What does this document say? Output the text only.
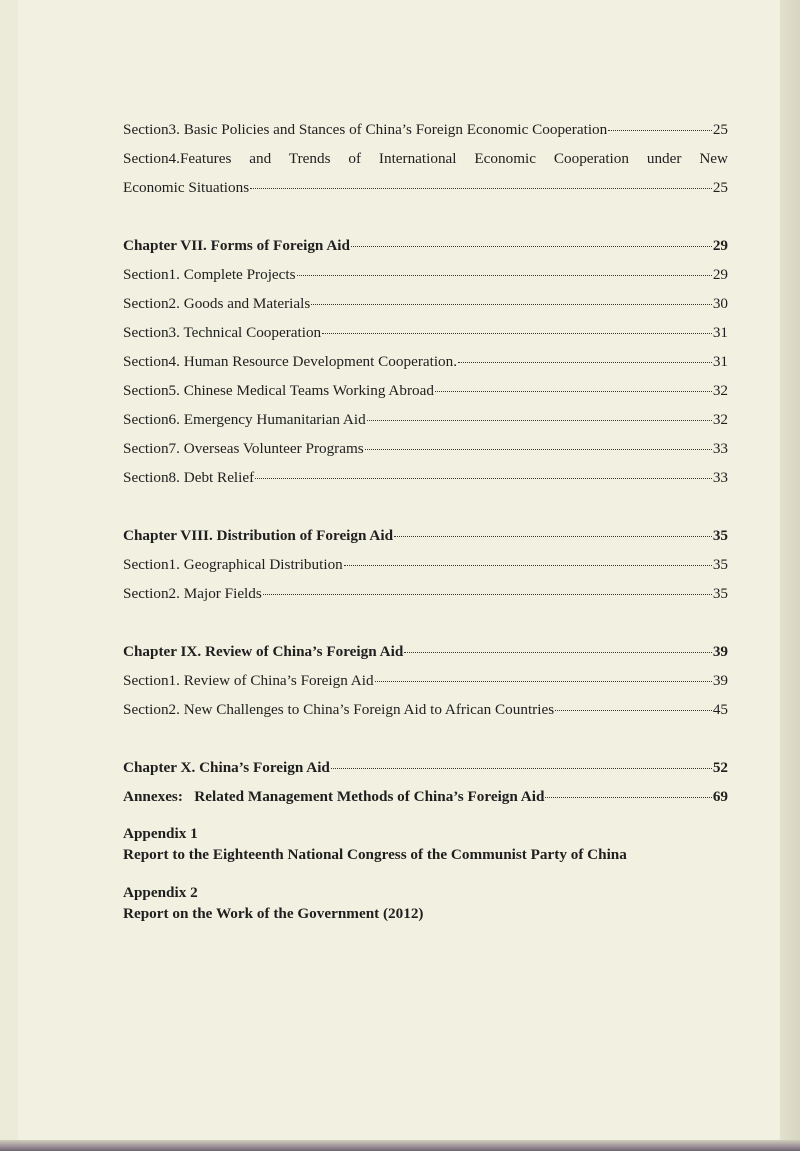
Section3. Basic Policies and Stances of China’s Foreign Economic Cooperation	25
Section4.Features and Trends of International Economic Cooperation under New
Economic Situations	25
Chapter VII. Forms of Foreign Aid	29
Section1. Complete Projects	29
Section2. Goods and Materials	30
Section3. Technical Cooperation	31
Section4. Human Resource Development Cooperation.	31
Section5. Chinese Medical Teams Working Abroad	32
Section6. Emergency Humanitarian Aid	32
Section7. Overseas Volunteer Programs	33
Section8. Debt Relief	33
Chapter VIII. Distribution of Foreign Aid	35
Section1. Geographical Distribution	35
Section2. Major Fields	35
Chapter IX. Review of China’s Foreign Aid	39
Section1. Review of China’s Foreign Aid	39
Section2. New Challenges to China’s Foreign Aid to African Countries	45
Chapter X. China’s Foreign Aid	52
Annexes:   Related Management Methods of China’s Foreign Aid	69
Appendix 1
Report to the Eighteenth National Congress of the Communist Party of China
Appendix 2
Report on the Work of the Government (2012)
